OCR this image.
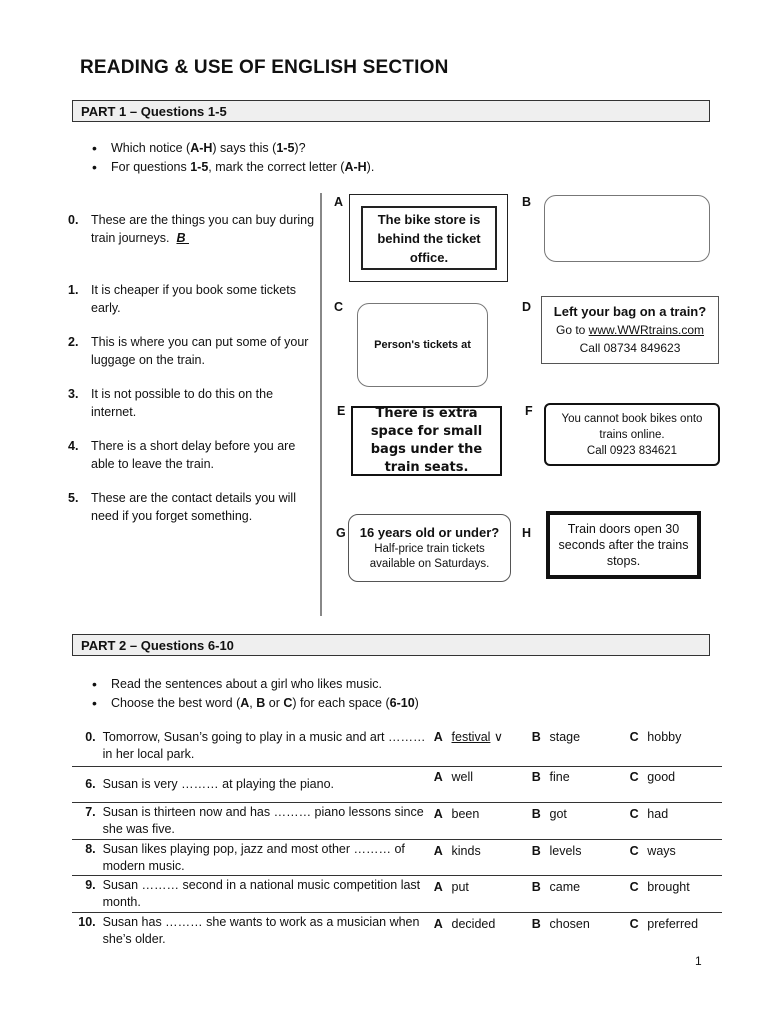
READING & USE OF ENGLISH SECTION
PART 1 – Questions 1-5
• Which notice (A-H) says this (1-5)?
• For questions 1-5, mark the correct letter (A-H).
0. These are the things you can buy during train journeys. B
1. It is cheaper if you book some tickets early.
2. This is where you can put some of your luggage on the train.
3. It is not possible to do this on the internet.
4. There is a short delay before you are able to leave the train.
5. These are the contact details you will need if you forget something.
A	B
C	D
E	F
G	H
The bike store is behind the ticket office.
Person's tickets at
Left your bag on a train?
Go to www.WWRtrains.com
Call 08734 849623
There is extra space for small bags under the train seats.
You cannot book bikes onto
trains online.
Call 0923 834621
16 years old or under?
Half-price train tickets
available on Saturdays.
Train doors open 30 seconds after the trains stops.
PART 2 – Questions 6-10
• Read the sentences about a girl who likes music.
• Choose the best word (A, B or C) for each space (6-10)
0.	Tomorrow, Susan’s going to play in a music and art ……… in her local park.	A	festival ∨	B	stage	C	hobby
6.	Susan is very ……… at playing the piano.	A	well	B	fine	C	good
7.	Susan is thirteen now and has ……… piano lessons since she was five.	A	been	B	got	C	had
8.	Susan likes playing pop, jazz and most other ……… of modern music.	A	kinds	B	levels	C	ways
9.	Susan ……… second in a national music competition last month.	A	put	B	came	C	brought
10.	Susan has ……… she wants to work as a musician when she’s older.	A	decided	B	chosen	C	preferred
1
